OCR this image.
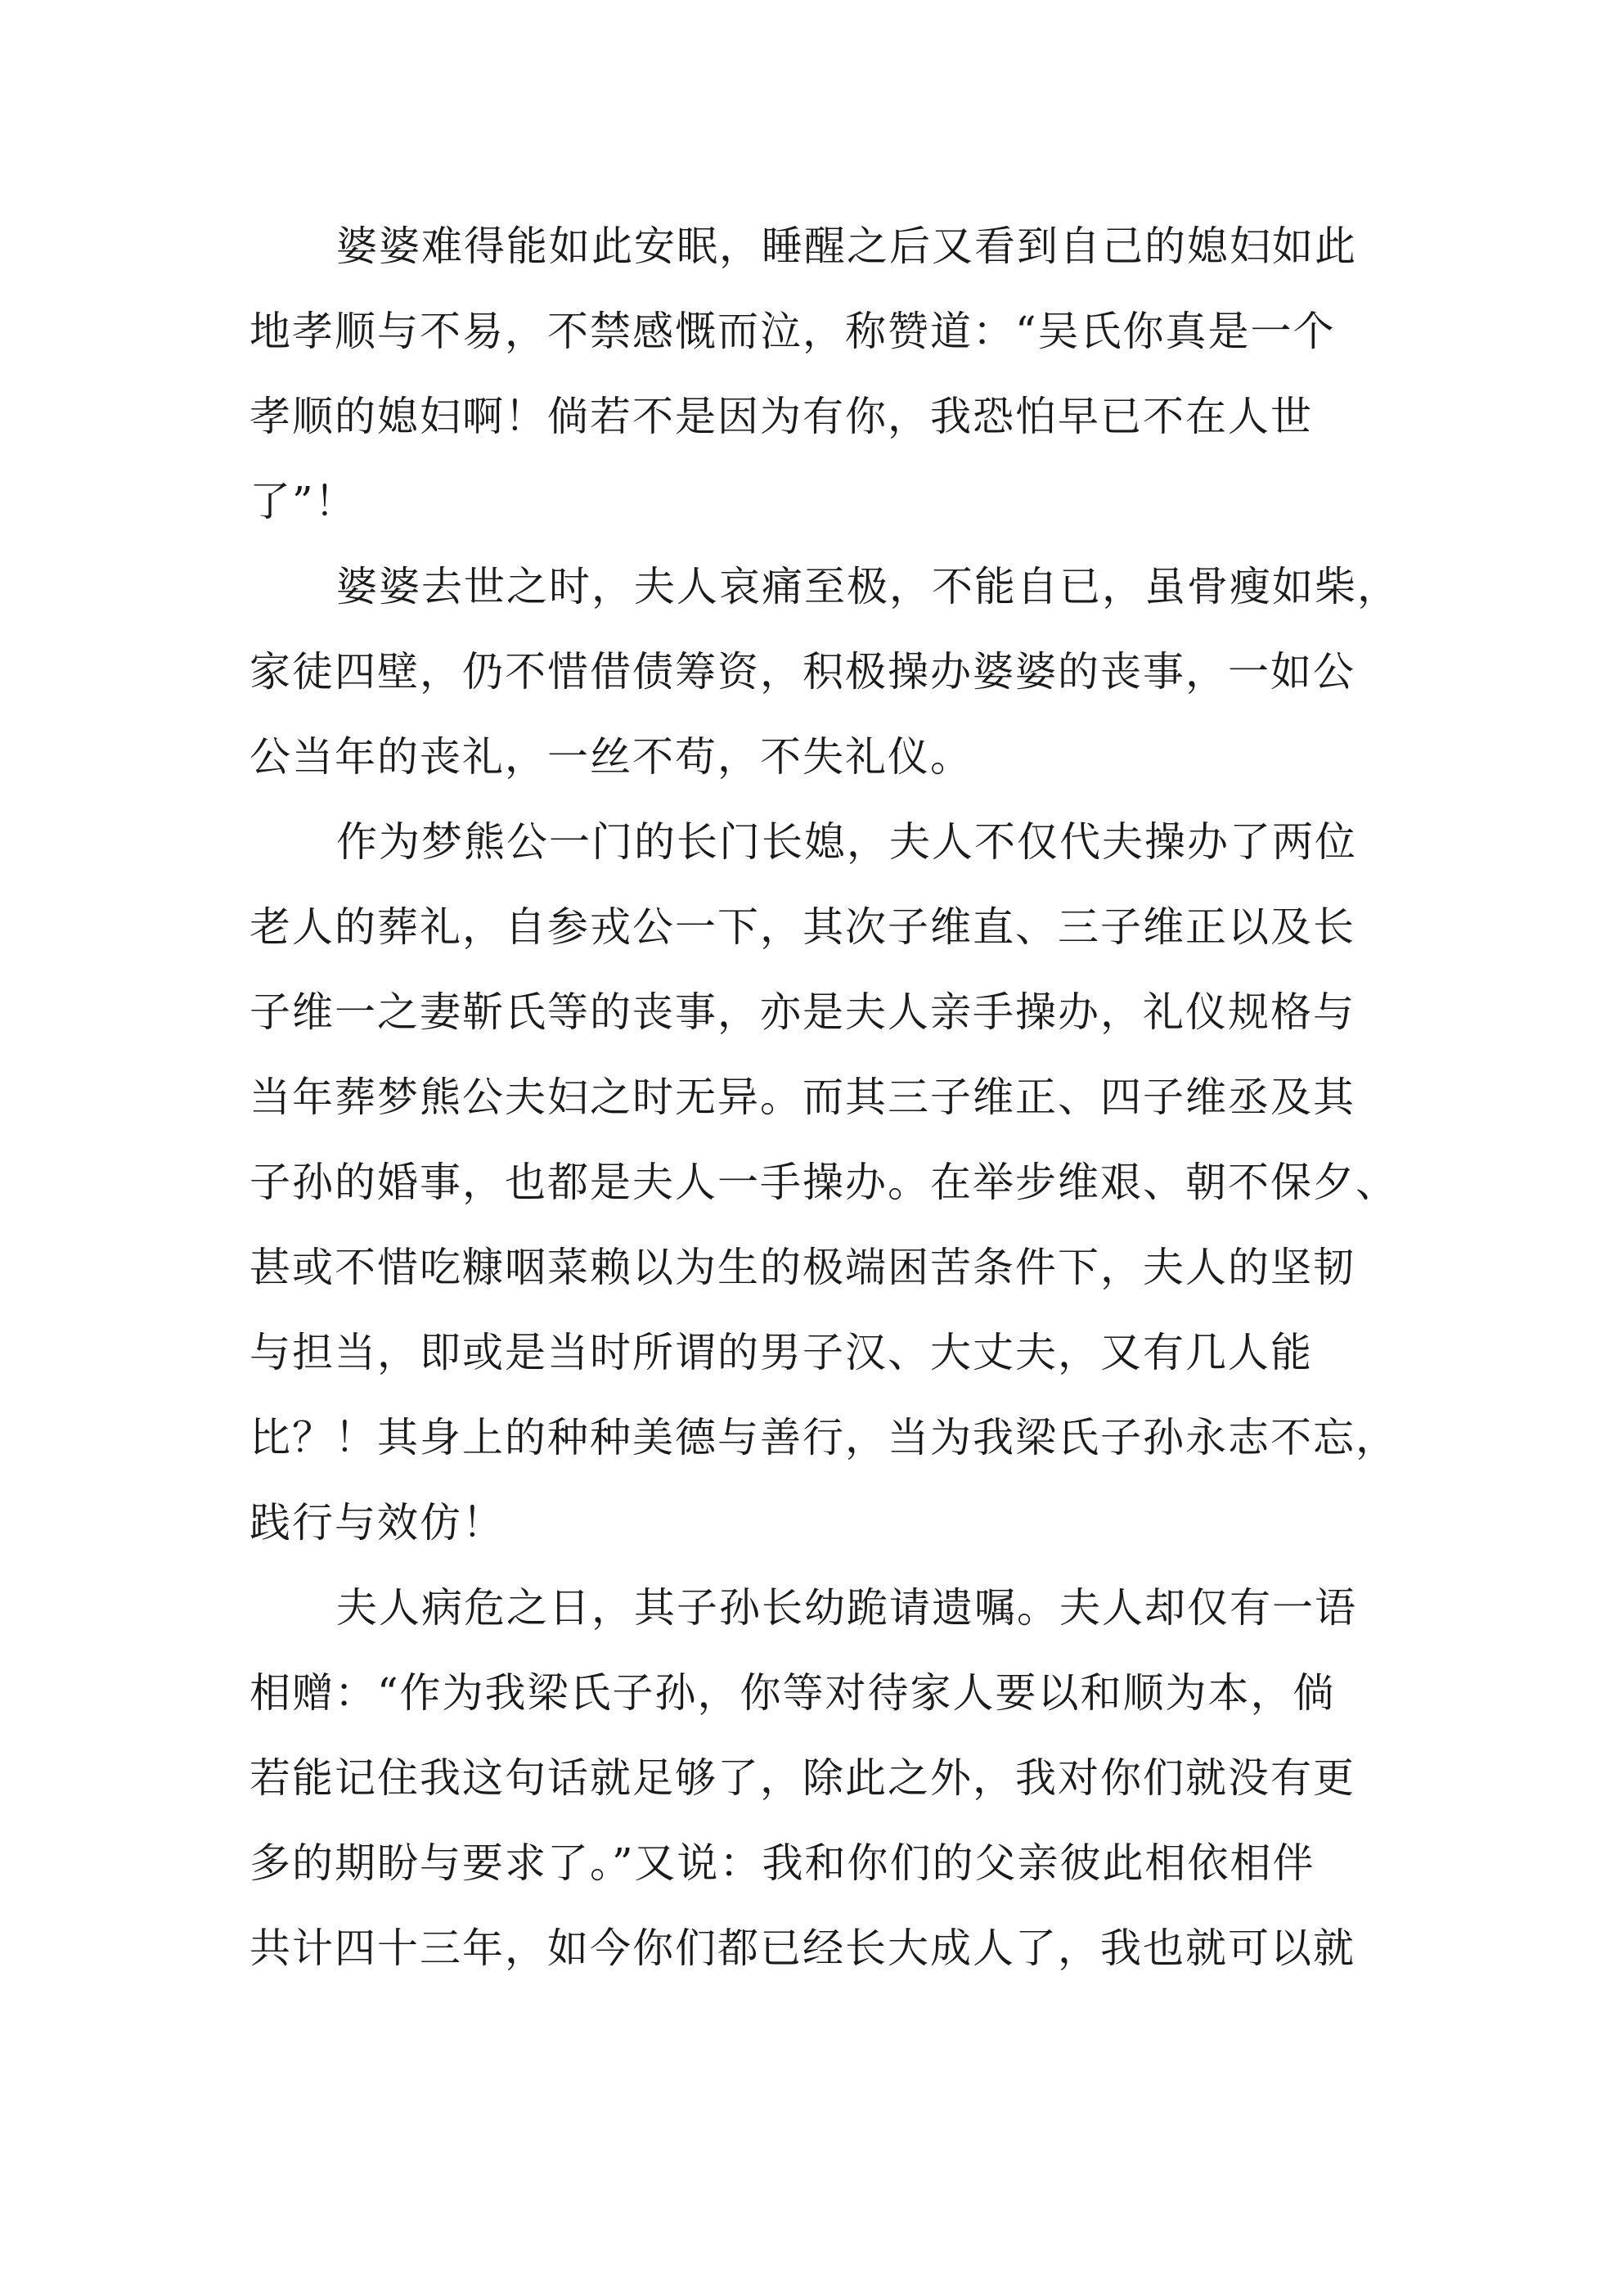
婆婆难得能如此安眠，睡醒之后又看到自己的媳妇如此
地孝顺与不易，不禁感慨而泣，称赞道：“吴氏你真是一个
孝顺的媳妇啊！倘若不是因为有你，我恐怕早已不在人世
了”！
婆婆去世之时，夫人哀痛至极，不能自已，虽骨瘦如柴，
家徒四壁，仍不惜借债筹资，积极操办婆婆的丧事，一如公
公当年的丧礼，一丝不苟，不失礼仪。
作为梦熊公一门的长门长媳，夫人不仅代夫操办了两位
老人的葬礼，自参戎公一下，其次子维直、三子维正以及长
子维一之妻靳氏等的丧事，亦是夫人亲手操办，礼仪规格与
当年葬梦熊公夫妇之时无异。而其三子维正、四子维丞及其
子孙的婚事，也都是夫人一手操办。在举步维艰、朝不保夕、
甚或不惜吃糠咽菜赖以为生的极端困苦条件下，夫人的坚韧
与担当，即或是当时所谓的男子汉、大丈夫，又有几人能
比？！其身上的种种美德与善行，当为我梁氏子孙永志不忘，
践行与效仿！
夫人病危之日，其子孙长幼跪请遗嘱。夫人却仅有一语
相赠：“作为我梁氏子孙，你等对待家人要以和顺为本，倘
若能记住我这句话就足够了，除此之外，我对你们就没有更
多的期盼与要求了。”又说：我和你们的父亲彼此相依相伴
共计四十三年，如今你们都已经长大成人了，我也就可以就
